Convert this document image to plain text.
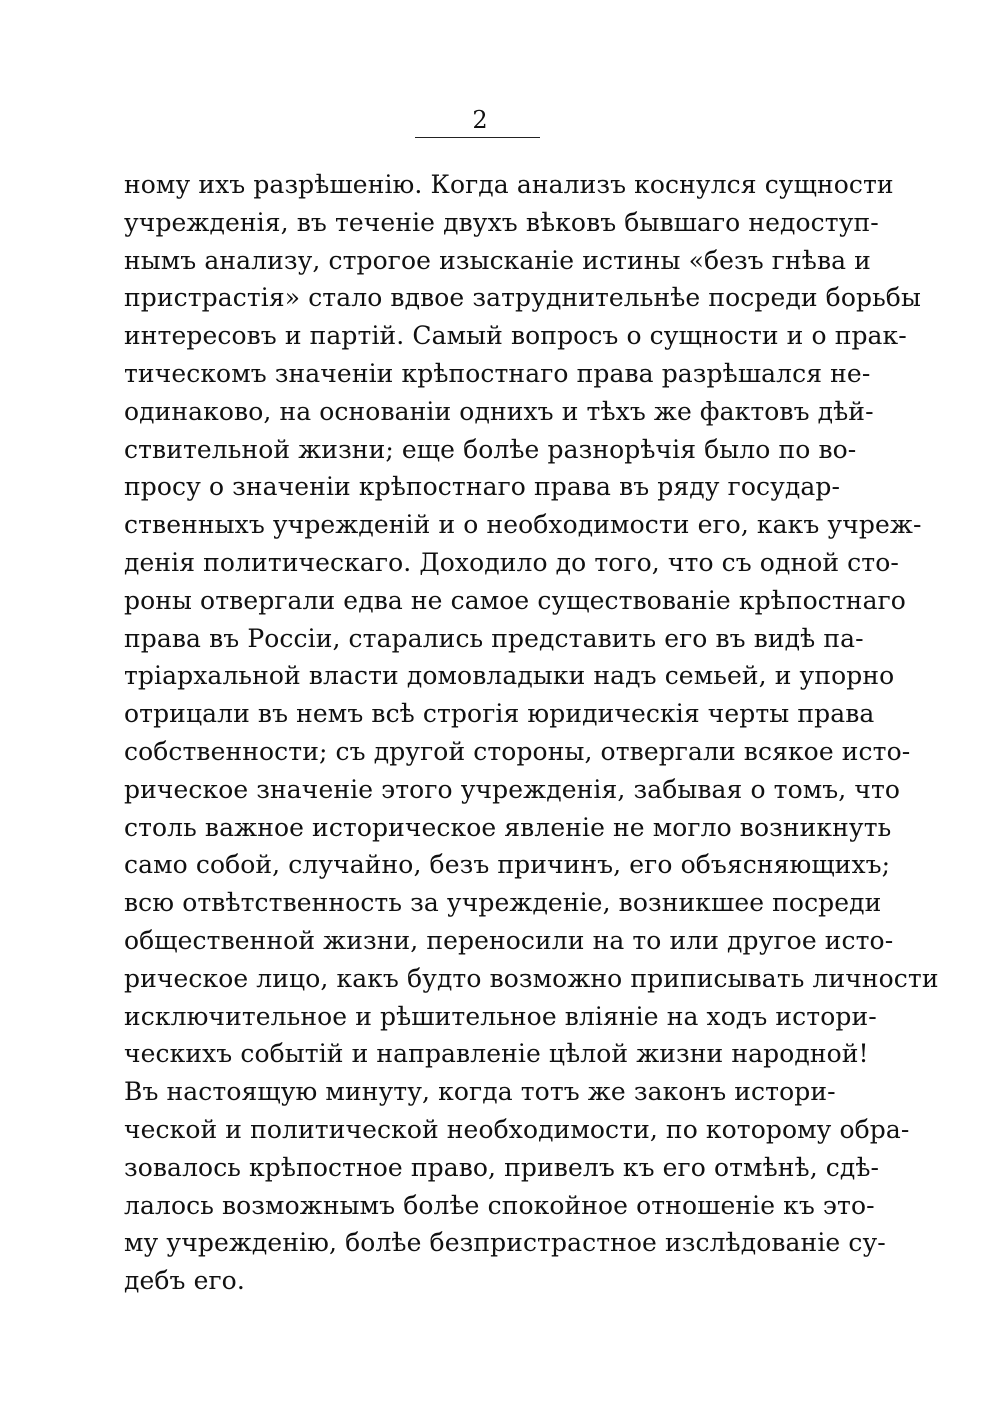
2
ному ихъ разрѣшенію. Когда анализъ коснулся сущности
учрежденія, въ теченіе двухъ вѣковъ бывшаго недоступ-
нымъ анализу, строгое изысканіе истины «безъ гнѣва и
пристрастія» стало вдвое затруднительнѣе посреди борьбы
интересовъ и партій. Самый вопросъ о сущности и о прак-
тическомъ значеніи крѣпостнаго права разрѣшался не-
одинаково, на основаніи однихъ и тѣхъ же фактовъ дѣй-
ствительной жизни; еще болѣе разнорѣчія было по во-
просу о значеніи крѣпостнаго права въ ряду государ-
ственныхъ учрежденій и о необходимости его, какъ учреж-
денія политическаго. Доходило до того, что съ одной сто-
роны отвергали едва не самое существованіе крѣпостнаго
права въ Россіи, старались представить его въ видѣ па-
тріархальной власти домовладыки надъ семьей, и упорно
отрицали въ немъ всѣ строгія юридическія черты права
собственности; съ другой стороны, отвергали всякое исто-
рическое значеніе этого учрежденія, забывая о томъ, что
столь важное историческое явленіе не могло возникнуть
само собой, случайно, безъ причинъ, его объясняющихъ;
всю отвѣтственность за учрежденіе, возникшее посреди
общественной жизни, переносили на то или другое исто-
рическое лицо, какъ будто возможно приписывать личности
исключительное и рѣшительное вліяніе на ходъ истори-
ческихъ событій и направленіе цѣлой жизни народной!
Въ настоящую минуту, когда тотъ же законъ истори-
ческой и политической необходимости, по которому обра-
зовалось крѣпостное право, привелъ къ его отмѣнѣ, сдѣ-
лалось возможнымъ болѣе спокойное отношеніе къ это-
му учрежденію, болѣе безпристрастное изслѣдованіе су-
дебъ его.
